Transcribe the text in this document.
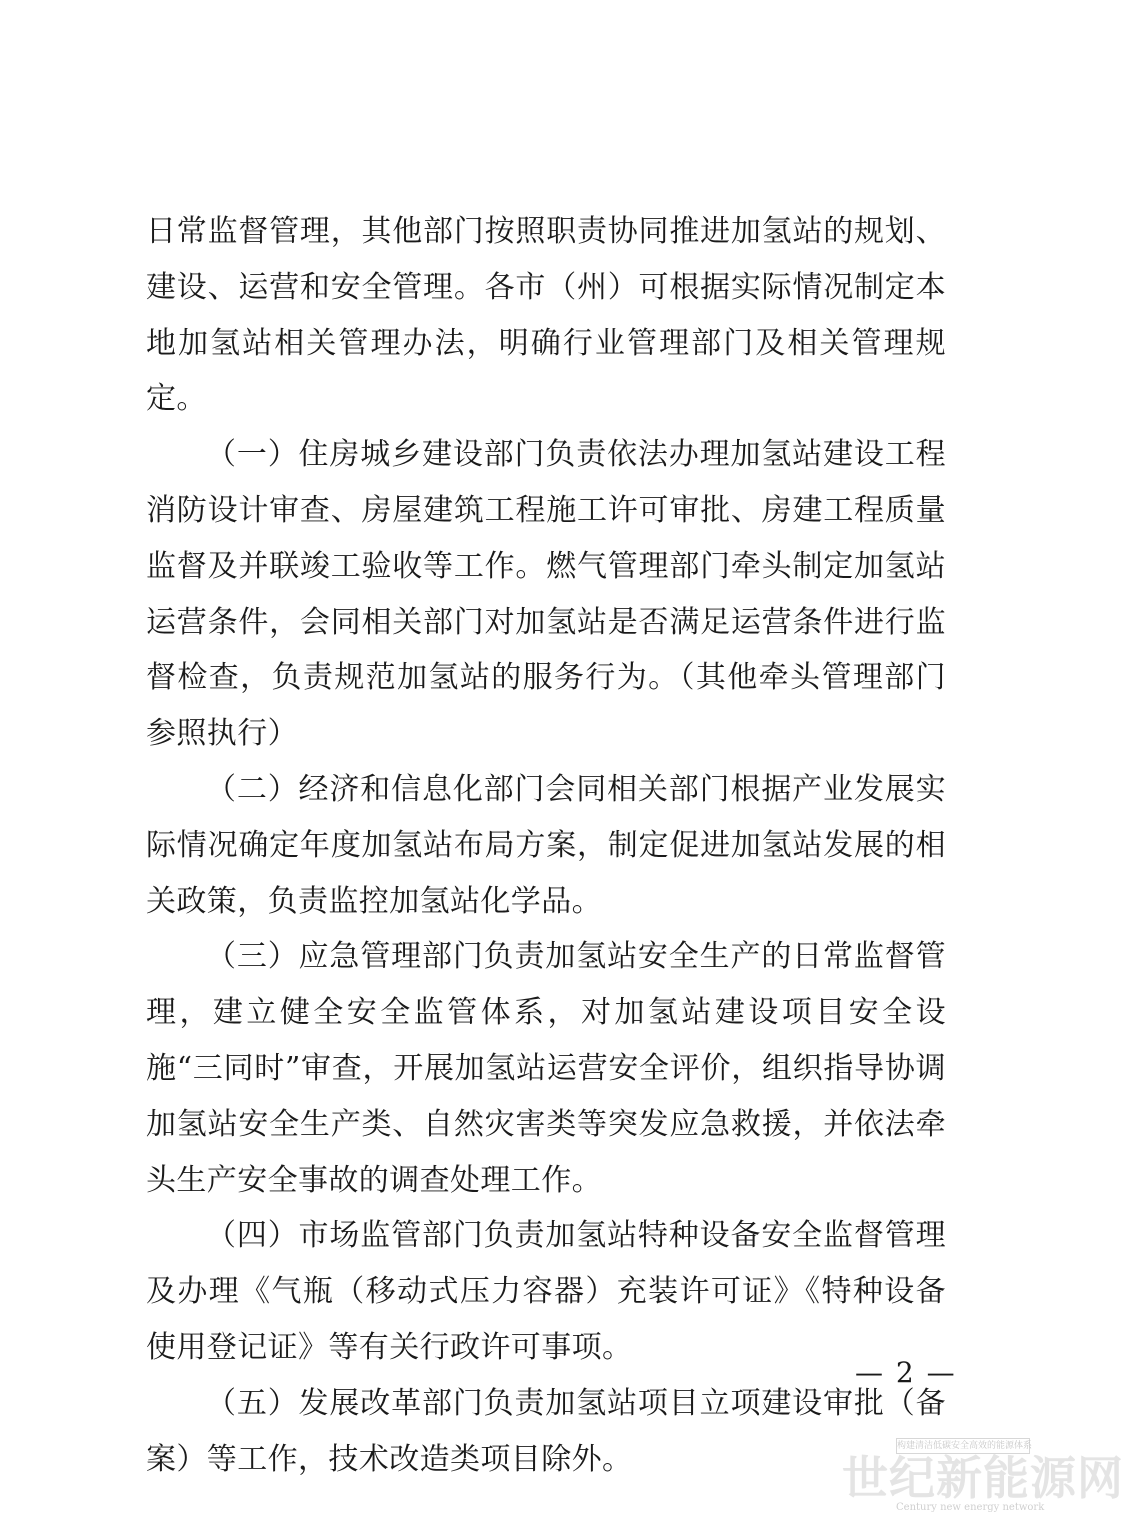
日常监督管理，其他部门按照职责协同推进加氢站的规划、建设、运营和安全管理。各市（州）可根据实际情况制定本地加氢站相关管理办法，明确行业管理部门及相关管理规定。

（一）住房城乡建设部门负责依法办理加氢站建设工程消防设计审查、房屋建筑工程施工许可审批、房建工程质量监督及并联竣工验收等工作。燃气管理部门牵头制定加氢站运营条件，会同相关部门对加氢站是否满足运营条件进行监督检查，负责规范加氢站的服务行为。（其他牵头管理部门参照执行）

（二）经济和信息化部门会同相关部门根据产业发展实际情况确定年度加氢站布局方案，制定促进加氢站发展的相关政策，负责监控加氢站化学品。

（三）应急管理部门负责加氢站安全生产的日常监督管理，建立健全安全监管体系，对加氢站建设项目安全设施“三同时”审查，开展加氢站运营安全评价，组织指导协调加氢站安全生产类、自然灾害类等突发应急救援，并依法牵头生产安全事故的调查处理工作。

（四）市场监管部门负责加氢站特种设备安全监督管理及办理《气瓶（移动式压力容器）充装许可证》《特种设备使用登记证》等有关行政许可事项。

（五）发展改革部门负责加氢站项目立项建设审批（备案）等工作，技术改造类项目除外。

— 2 —
构建清洁低碳安全高效的能源体系
世纪新能源网
Century new energy network
